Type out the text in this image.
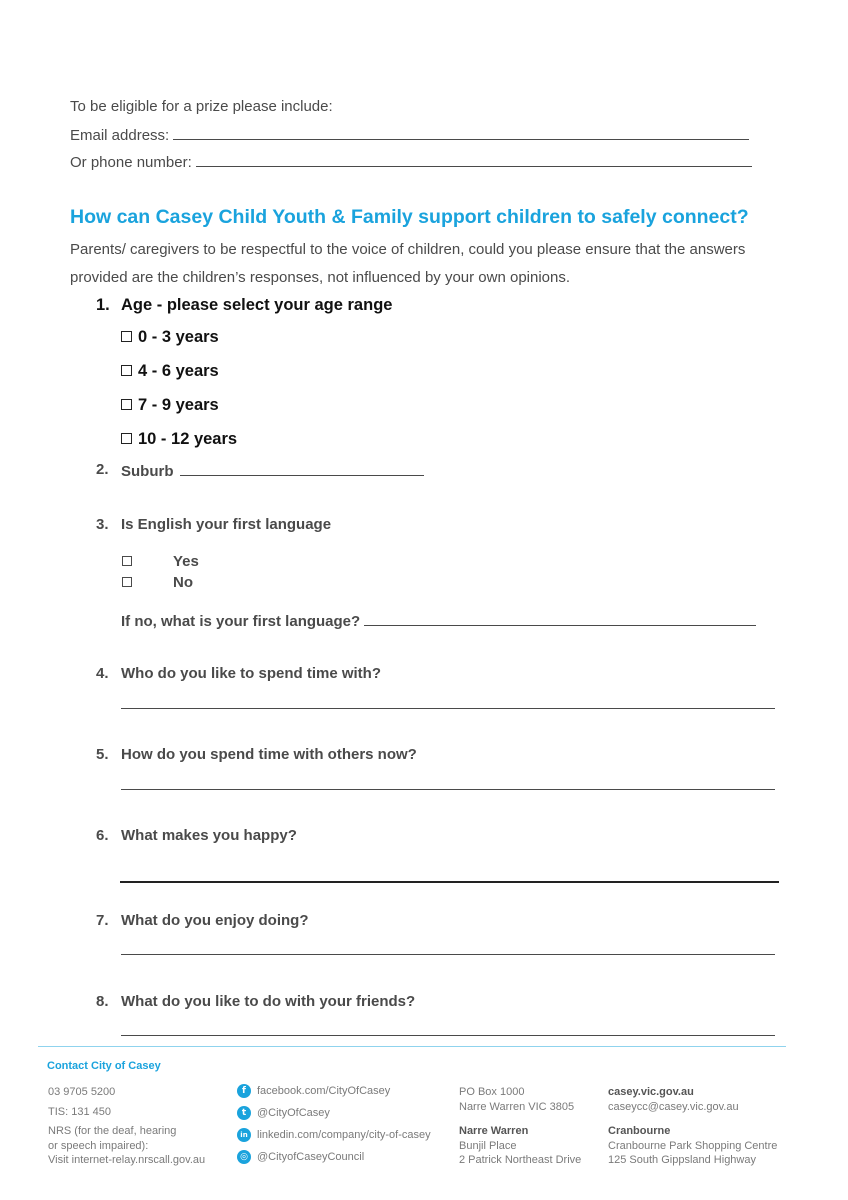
To be eligible for a prize please include:
Email address:
Or phone number:
How can Casey Child Youth & Family support children to safely connect?
Parents/ caregivers to be respectful to the voice of children, could you please ensure that the answers
provided are the children’s responses, not influenced by your own opinions.
1. Age - please select your age range
0 - 3 years
4 - 6 years
7 - 9 years
10 - 12 years
2. Suburb
3. Is English your first language
Yes
No
If no, what is your first language?
4. Who do you like to spend time with?
5. How do you spend time with others now?
6. What makes you happy?
7. What do you enjoy doing?
8. What do you like to do with your friends?
Contact City of Casey
03 9705 5200
TIS: 131 450
NRS (for the deaf, hearing
or speech impaired):
Visit internet-relay.nrscall.gov.au
f	facebook.com/CityOfCasey
t @CityOfCasey
in linkedin.com/company/city-of-casey
◎ @CityofCaseyCouncil
PO Box 1000
Narre Warren VIC 3805
Narre Warren
Bunjil Place
2 Patrick Northeast Drive
casey.vic.gov.au
caseycc@casey.vic.gov.au
Cranbourne
Cranbourne Park Shopping Centre
125 South Gippsland Highway
